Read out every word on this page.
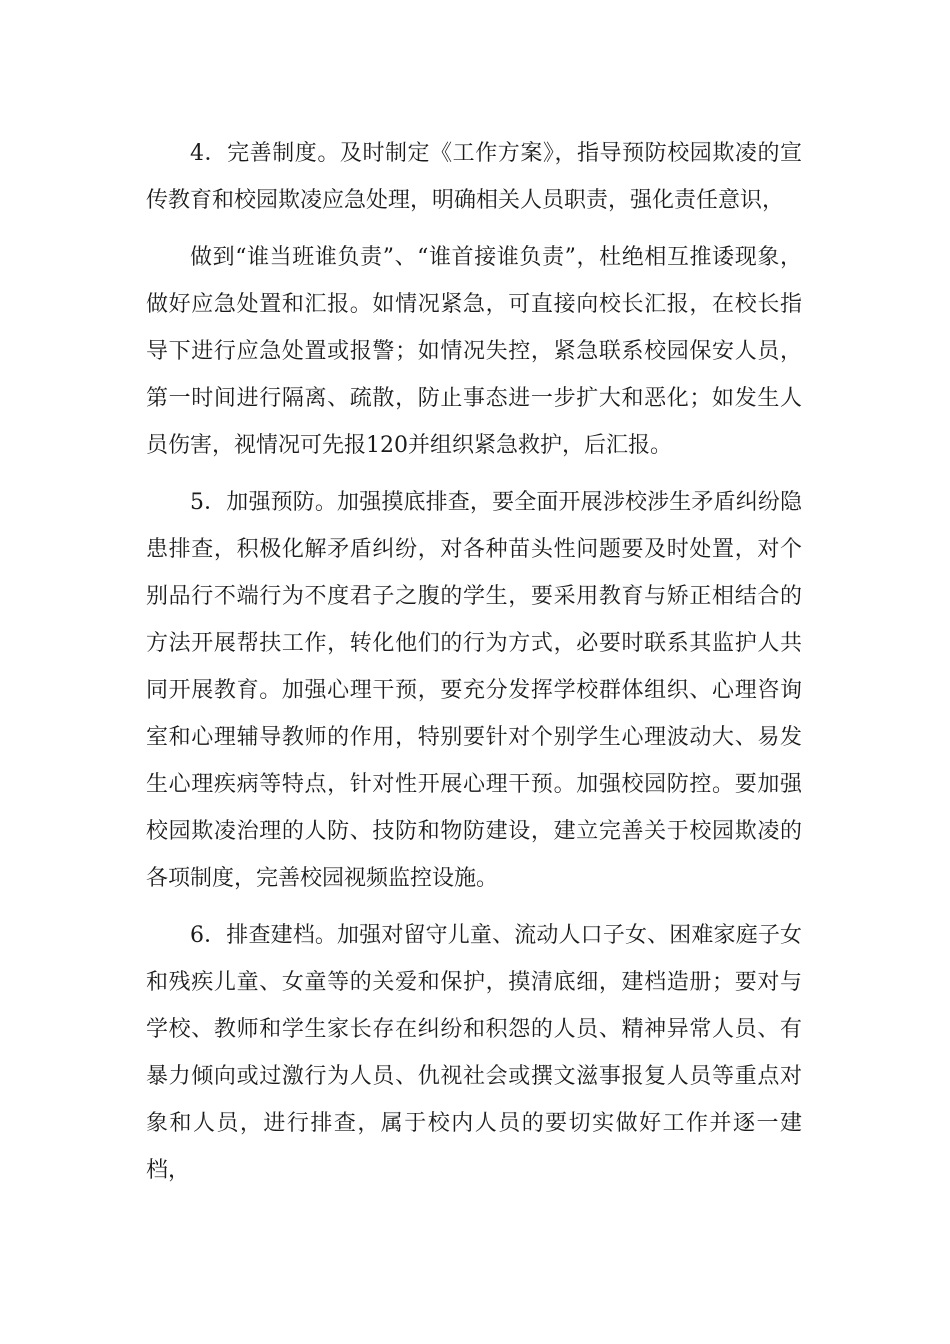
4．完善制度。及时制定《工作方案》，指导预防校园欺凌的宣传教育和校园欺凌应急处理，明确相关人员职责，强化责任意识，

做到“谁当班谁负责”、“谁首接谁负责”，杜绝相互推诿现象，做好应急处置和汇报。如情况紧急，可直接向校长汇报，在校长指导下进行应急处置或报警；如情况失控，紧急联系校园保安人员，第一时间进行隔离、疏散，防止事态进一步扩大和恶化；如发生人员伤害，视情况可先报120并组织紧急救护，后汇报。

5．加强预防。加强摸底排查，要全面开展涉校涉生矛盾纠纷隐患排查，积极化解矛盾纠纷，对各种苗头性问题要及时处置，对个别品行不端行为不度君子之腹的学生，要采用教育与矫正相结合的方法开展帮扶工作，转化他们的行为方式，必要时联系其监护人共同开展教育。加强心理干预，要充分发挥学校群体组织、心理咨询室和心理辅导教师的作用，特别要针对个别学生心理波动大、易发生心理疾病等特点，针对性开展心理干预。加强校园防控。要加强校园欺凌治理的人防、技防和物防建设，建立完善关于校园欺凌的各项制度，完善校园视频监控设施。

6．排查建档。加强对留守儿童、流动人口子女、困难家庭子女和残疾儿童、女童等的关爱和保护，摸清底细，建档造册；要对与学校、教师和学生家长存在纠纷和积怨的人员、精神异常人员、有暴力倾向或过激行为人员、仇视社会或撰文滋事报复人员等重点对象和人员，进行排查，属于校内人员的要切实做好工作并逐一建档，
